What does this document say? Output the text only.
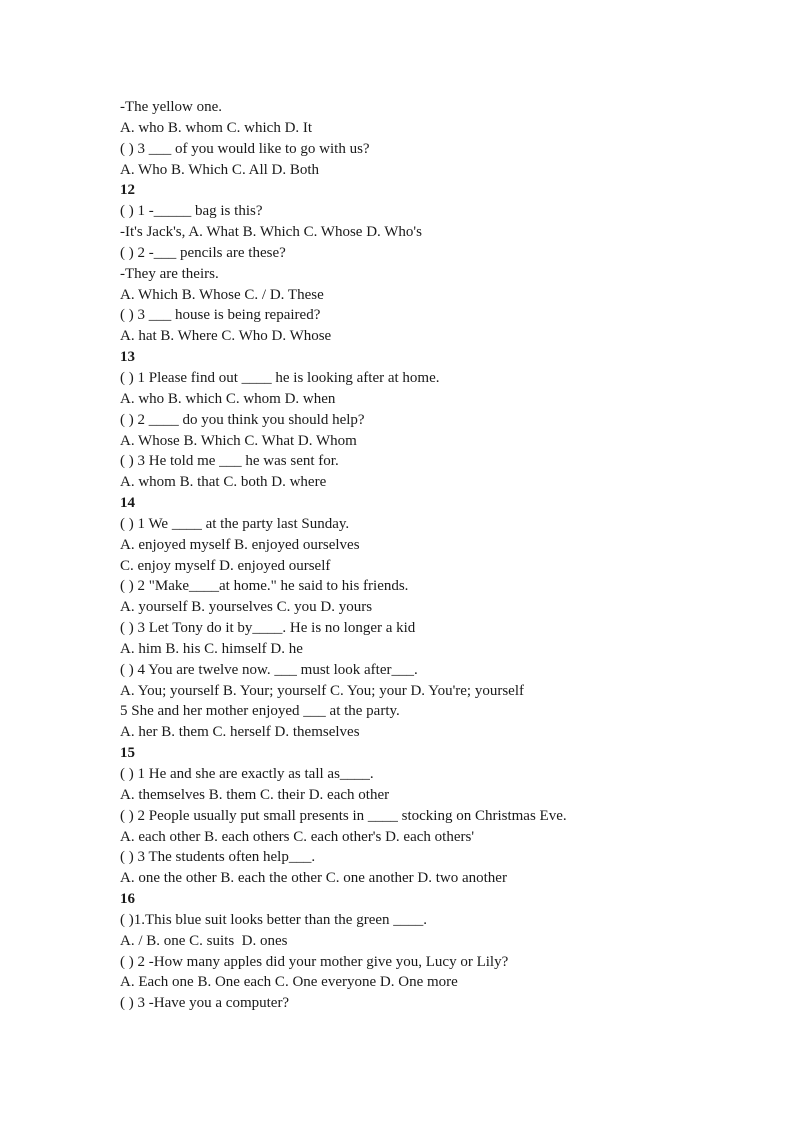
-The yellow one.
A. who B. whom C. which D. It
( ) 3 ___ of you would like to go with us?
A. Who B. Which C. All D. Both
12
( ) 1 -_____ bag is this?
-It's Jack's, A. What B. Which C. Whose D. Who's
( ) 2 -___ pencils are these?
-They are theirs.
A. Which B. Whose C. / D. These
( ) 3 ___ house is being repaired?
A. hat B. Where C. Who D. Whose
13
( ) 1 Please find out ____ he is looking after at home.
A. who B. which C. whom D. when
( ) 2 ____ do you think you should help?
A. Whose B. Which C. What D. Whom
( ) 3 He told me ___ he was sent for.
A. whom B. that C. both D. where
14
( ) 1 We ____ at the party last Sunday.
A. enjoyed myself B. enjoyed ourselves
C. enjoy myself D. enjoyed ourself
( ) 2 "Make____at home." he said to his friends.
A. yourself B. yourselves C. you D. yours
( ) 3 Let Tony do it by____. He is no longer a kid
A. him B. his C. himself D. he
( ) 4 You are twelve now. ___ must look after___.
A. You; yourself B. Your; yourself C. You; your D. You're; yourself
5 She and her mother enjoyed ___ at the party.
A. her B. them C. herself D. themselves
15
( ) 1 He and she are exactly as tall as____.
A. themselves B. them C. their D. each other
( ) 2 People usually put small presents in ____ stocking on Christmas Eve.
A. each other B. each others C. each other's D. each others'
( ) 3 The students often help___.
A. one the other B. each the other C. one another D. two another
16
( )1.This blue suit looks better than the green ____.
A. / B. one C. suits  D. ones
( ) 2 -How many apples did your mother give you, Lucy or Lily?
A. Each one B. One each C. One everyone D. One more
( ) 3 -Have you a computer?
